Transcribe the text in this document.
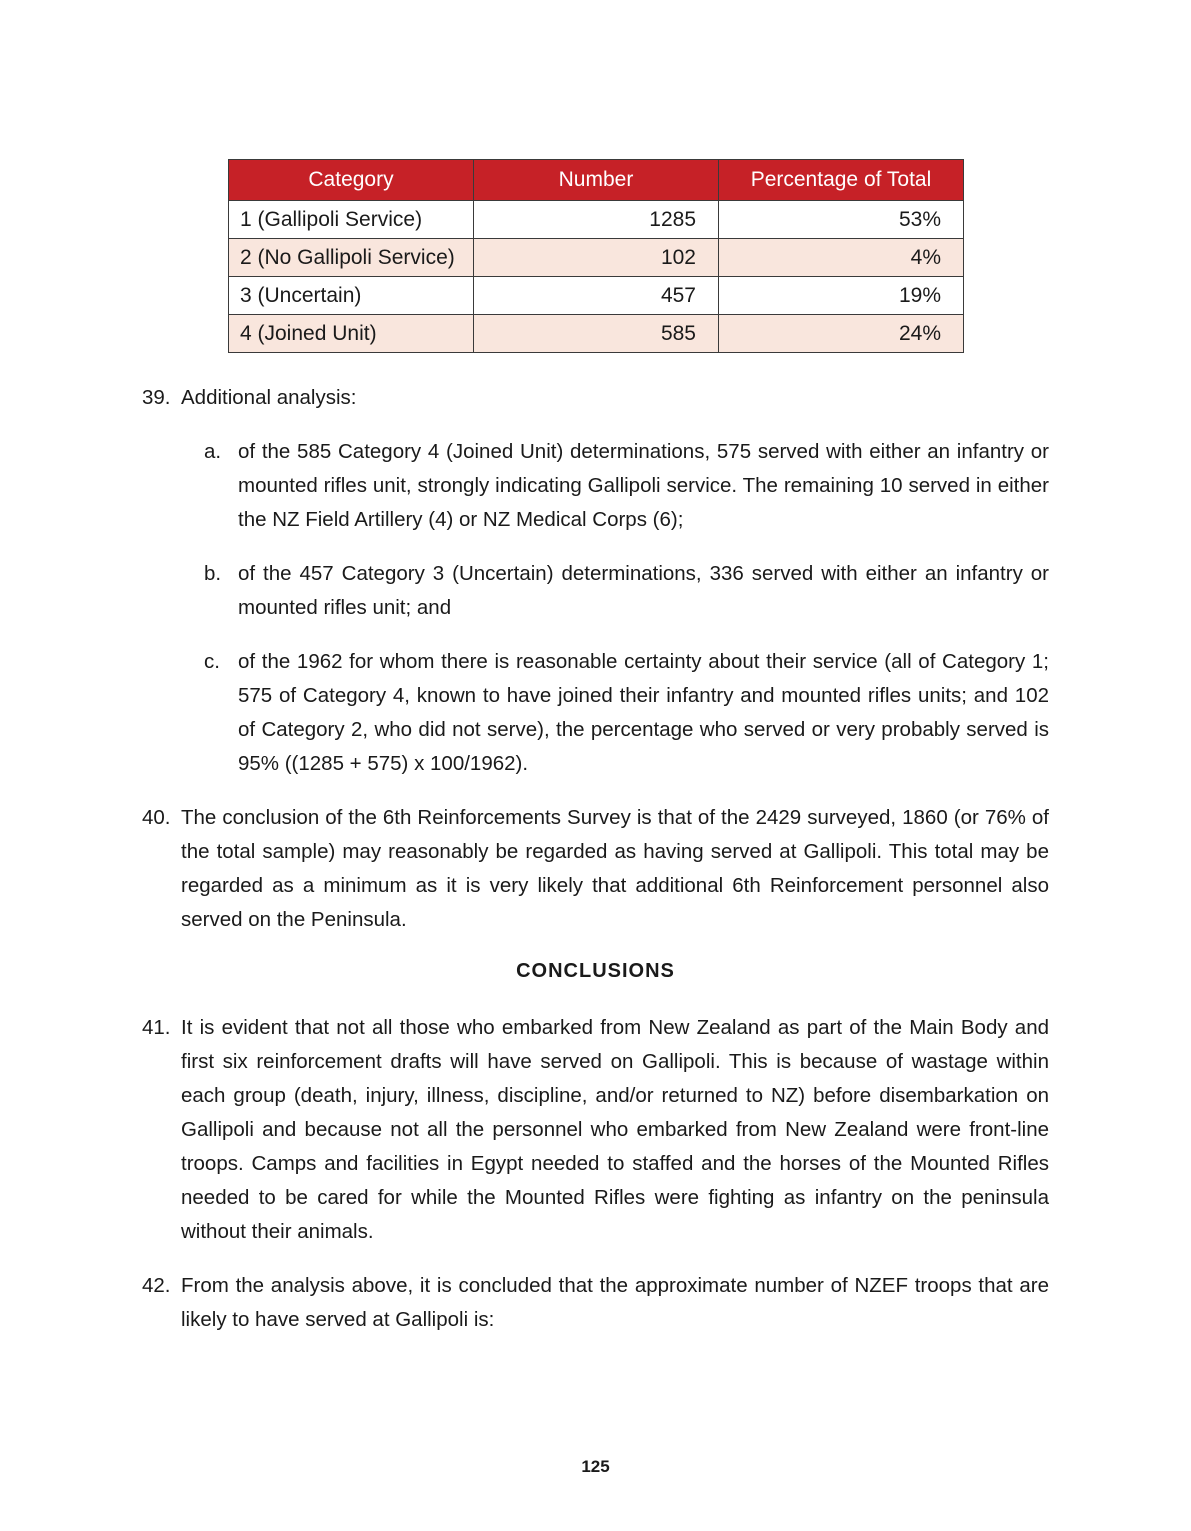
Category	Number	Percentage of Total
1 (Gallipoli Service)	1285	53%
2 (No Gallipoli Service)	102	4%
3 (Uncertain)	457	19%
4 (Joined Unit)	585	24%
39. Additional analysis:
a. of the 585 Category 4 (Joined Unit) determinations, 575 served with either an infantry or mounted rifles unit, strongly indicating Gallipoli service. The remaining 10 served in either the NZ Field Artillery (4) or NZ Medical Corps (6);
b. of the 457 Category 3 (Uncertain) determinations, 336 served with either an infantry or mounted rifles unit; and
c. of the 1962 for whom there is reasonable certainty about their service (all of Category 1; 575 of Category 4, known to have joined their infantry and mounted rifles units; and 102 of Category 2, who did not serve), the percentage who served or very probably served is 95% ((1285 + 575) x 100/1962).
40. The conclusion of the 6th Reinforcements Survey is that of the 2429 surveyed, 1860 (or 76% of the total sample) may reasonably be regarded as having served at Gallipoli. This total may be regarded as a minimum as it is very likely that additional 6th Reinforcement personnel also served on the Peninsula.
CONCLUSIONS
41. It is evident that not all those who embarked from New Zealand as part of the Main Body and first six reinforcement drafts will have served on Gallipoli. This is because of wastage within each group (death, injury, illness, discipline, and/or returned to NZ) before disembarkation on Gallipoli and because not all the personnel who embarked from New Zealand were front-line troops. Camps and facilities in Egypt needed to staffed and the horses of the Mounted Rifles needed to be cared for while the Mounted Rifles were fighting as infantry on the peninsula without their animals.
42. From the analysis above, it is concluded that the approximate number of NZEF troops that are likely to have served at Gallipoli is:
125
